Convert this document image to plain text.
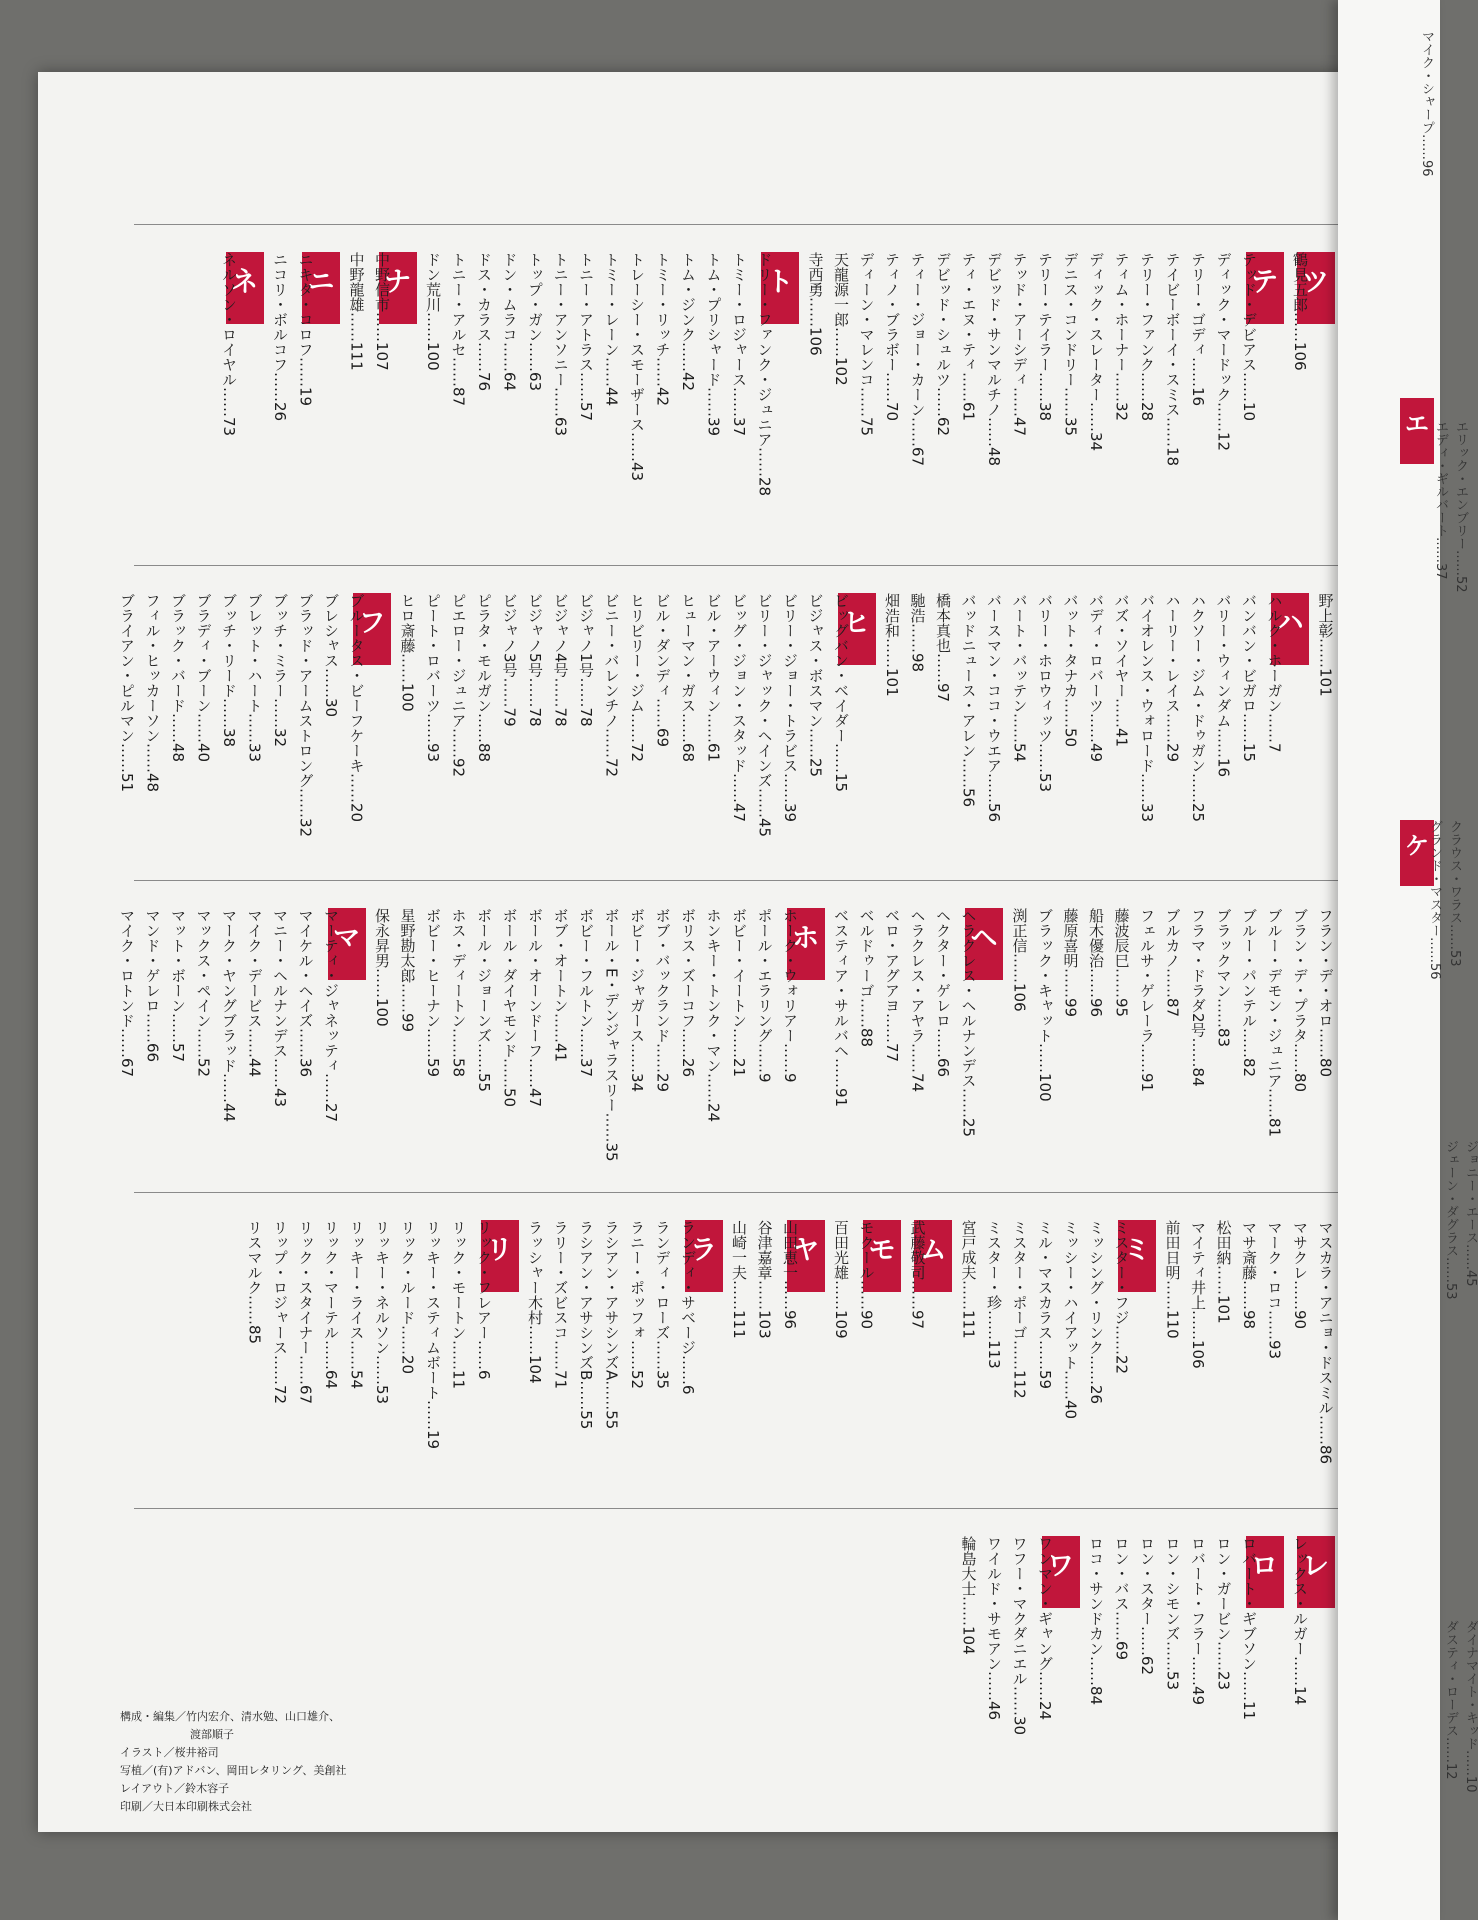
ツ
鶴見五郎……106
テ
テッド・デビアス……10
ディック・マードック……12
テリー・ゴディ……16
テイビーボーイ・スミス……18
テリー・ファンク……28
ティム・ホーナー……32
ディック・スレーター……34
デニス・コンドリー……35
テリー・テイラー……38
テッド・アーシディ……47
デビッド・サンマルチノ……48
ティ・エヌ・ティ……61
デビッド・シュルツ……62
ティー・ジョー・カーン……67
ティノ・ブラボー……70
ディーン・マレンコ……75
天龍源一郎……102
寺西勇……106
ト
ドリー・ファンク・ジュニア……28
トミー・ロジャース……37
トム・プリシャード……39
トム・ジンク……42
トミー・リッチ……42
トレーシー・スモーザース……43
トミー・レーン……44
トニー・アトラス……57
トニー・アンソニー……63
トップ・ガン……63
ドン・ムラコ……64
ドス・カラス……76
トニー・アルセ……87
ドン荒川……100
ナ
中野信市……107
中野龍雄……111
ニ
ニキタ・コロフ……19
ニコリ・ボルコフ……26
ネ
ネルソン・ロイヤル……73
野上彰……101
ハ
ハルク・ホーガン……7
バンバン・ビガロ……15
バリー・ウィンダム……16
ハクソー・ジム・ドゥガン……25
ハーリー・レイス……29
バイオレンス・ウォロード……33
バズ・ソイヤー……41
バディ・ロバーツ……49
バット・タナカ……50
バリー・ホロウィッツ……53
バート・バッテン……54
バースマン・ココ・ウエア……56
バッドニュース・アレン……56
橋本真也……97
馳浩……98
畑浩和……101
ヒ
ビッグバン・ベイダー……15
ビジャス・ボスマン……25
ビリー・ジョー・トラビス……39
ビリー・ジャック・ヘインズ……45
ビッグ・ジョン・スタッド……47
ビル・アーウィン……61
ヒューマン・ガス……68
ビル・ダンディ……69
ヒリビリー・ジム……72
ビニー・バレンチノ……72
ビジャノ1号……78
ビジャノ4号……78
ビジャノ5号……78
ビジャノ3号……79
ピラタ・モルガン……88
ピエロー・ジュニア……92
ピート・ロバーツ……93
ヒロ斎藤……100
フ
ブルータス・ビーフケーキ……20
ブレシャス……30
ブラッド・アームストロング……32
ブッチ・ミラー……32
ブレット・ハート……33
ブッチ・リード……38
ブラディ・ブーン……40
ブラック・バード……48
フィル・ヒッカーソン……48
ブライアン・ピルマン……51
フラン・デ・オロ……80
ブラン・デ・プラタ……80
ブルー・デモン・ジュニア……81
ブルー・パンテル……82
ブラックマン……83
フラマ・ドラダ2号……84
ブルカノ……87
フェルサ・ゲレーラ……91
藤波辰巳……95
船木優治……96
藤原喜明……99
ブラック・キャット……100
渕正信……106
ヘ
ヘラクレス・ヘルナンデス……25
ヘクター・ゲレロ……66
ヘラクレス・アヤラ……74
ベロ・アグアヨ……77
ベルドゥーゴ……88
ベスティア・サルバヘ……91
ホ
ホーク・ウォリアー……9
ポール・エラリング……9
ボビー・イートン……21
ホンキー・トンク・マン……24
ボリス・ズーコフ……26
ボブ・バックランド……29
ボビー・ジャガース……34
ボール・E・デンジャラスリー……35
ボビー・フルトン……37
ボブ・オートン……41
ボール・オーンドーフ……47
ボール・ダイヤモンド……50
ボール・ジョーンズ……55
ホス・ディートン……58
ボビー・ヒーナン……59
星野勘太郎……99
保永昇男……100
マ
マーティ・ジャネッティ……27
マイケル・ヘイズ……36
マニー・ヘルナンデス……43
マイク・デービス……44
マーク・ヤングブラッド……44
マックス・ペイン……52
マット・ボーン……57
マンド・ゲレロ……66
マイク・ロトンド……67
マスカラ・アニョ・ドスミル……86
マサクレ……90
マーク・ロコ……93
マサ斎藤……98
松田納……101
マイティ井上……106
前田日明……110
ミ
ミスター・フジ……22
ミッシング・リンク……26
ミッシー・ハイアット……40
ミル・マスカラス……59
ミスター・ポーゴ……112
ミスター・珍……113
宮戸成夫……111
ム
武藤敬司……97
モ
モクール……90
百田光雄……109
ヤ
山田恵一……96
谷津嘉章……103
山崎一夫……111
ラ
ランディ・サベージ……6
ランディ・ローズ……35
ラニー・ポッフォ……52
ラシアン・アサシンズA……55
ラシアン・アサシンズB……55
ラリー・ズビスコ……71
ラッシャー木村……104
リ
リック・フレアー……6
リック・モートン……11
リッキー・スティムボート……19
リック・ルード……20
リッキー・ネルソン……53
リッキー・ライス……54
リック・マーテル……64
リック・スタイナー……67
リップ・ロジャース……72
リスマルク……85
レ
レックス・ルガー……14
ロ
ロバート・ギブソン……11
ロン・ガービン……23
ロバート・フラー……49
ロン・シモンズ……53
ロン・スター……62
ロン・バス……69
ロコ・サンドカン……84
ワ
ワンマン・ギャング……24
ワフー・マクダニエル……30
ワイルド・サモアン……46
輪島大士……104
構成・編集／竹内宏介、清水勉、山口雄介、
渡部順子
イラスト／桜井裕司
写植／(有)アドバン、岡田レタリング、美創社
レイアウト／鈴木容子
印刷／大日本印刷株式会社
エ
ケ
マイク・シャープ……96
エディ・ギルバート……37 エリック・エンブリー……52
グランド・マスター……56 クラウス・ワラス……53
ジョニー・エース……45
ジェーン・ダグラス……53
ダイナマイト・キッド……10
ダスティ・ローデス……12
